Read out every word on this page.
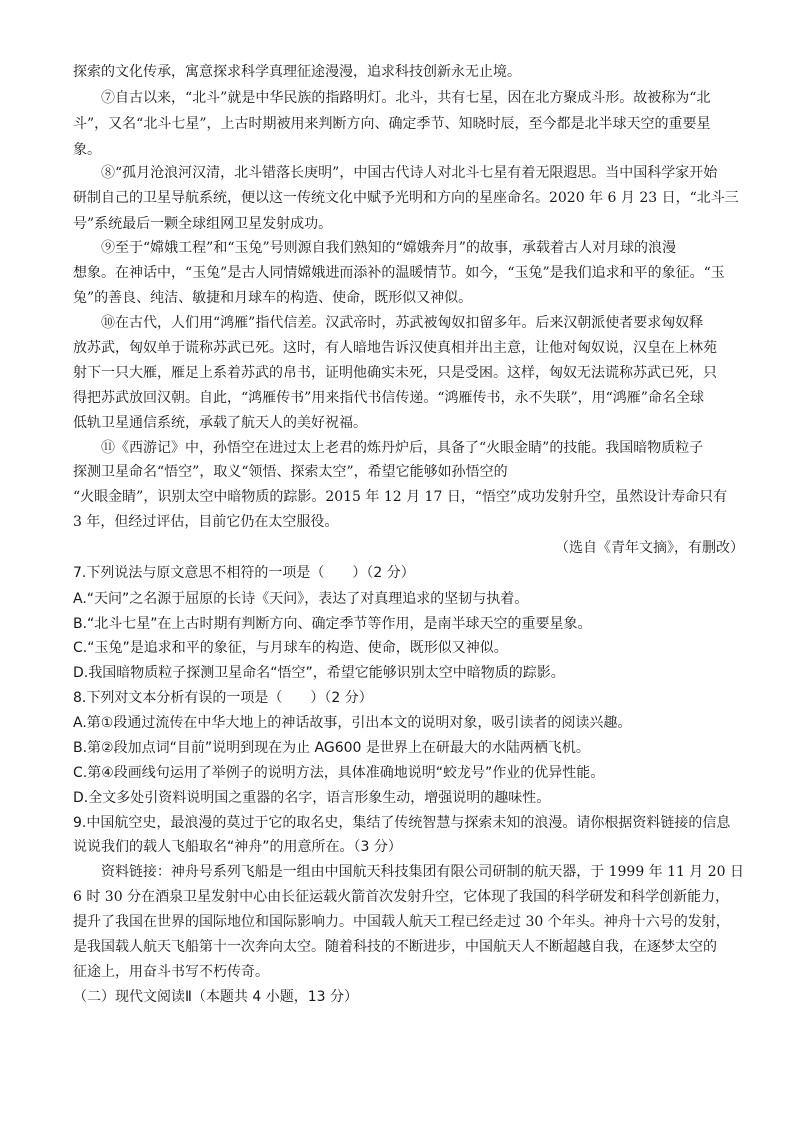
探索的文化传承，寓意探求科学真理征途漫漫，追求科技创新永无止境。
⑦自古以来，“北斗”就是中华民族的指路明灯。北斗，共有七星，因在北方聚成斗形。故被称为“北
斗”，又名“北斗七星”，上古时期被用来判断方向、确定季节、知晓时辰，至今都是北半球天空的重要星
象。
⑧“孤月沧浪河汉清，北斗错落长庚明”，中国古代诗人对北斗七星有着无限遐思。当中国科学家开始
研制自己的卫星导航系统，便以这一传统文化中赋予光明和方向的星座命名。2020 年 6 月 23 日，“北斗三
号”系统最后一颗全球组网卫星发射成功。
⑨至于“嫦娥工程”和“玉兔”号则源自我们熟知的“嫦娥奔月”的故事，承载着古人对月球的浪漫
想象。在神话中，“玉兔”是古人同情嫦娥进而添补的温暖情节。如今，“玉兔”是我们追求和平的象征。“玉
兔”的善良、纯洁、敏捷和月球车的构造、使命，既形似又神似。
⑩在古代，人们用“鸿雁”指代信差。汉武帝时，苏武被匈奴扣留多年。后来汉朝派使者要求匈奴释
放苏武，匈奴单于谎称苏武已死。这时，有人暗地告诉汉使真相并出主意，让他对匈奴说，汉皇在上林苑
射下一只大雁，雁足上系着苏武的帛书，证明他确实未死，只是受困。这样，匈奴无法谎称苏武已死，只
得把苏武放回汉朝。自此，“鸿雁传书”用来指代书信传递。“鸿雁传书，永不失联”，用“鸿雁”命名全球
低轨卫星通信系统，承载了航天人的美好祝福。
⑪《西游记》中，孙悟空在进过太上老君的炼丹炉后，具备了“火眼金睛”的技能。我国暗物质粒子
探测卫星命名“悟空”，取义“领悟、探索太空”，希望它能够如孙悟空的
“火眼金睛”，识别太空中暗物质的踪影。2015 年 12 月 17 日，“悟空”成功发射升空，虽然设计寿命只有
3 年，但经过评估，目前它仍在太空服役。
（选自《青年文摘》，有删改）
7.下列说法与原文意思不相符的一项是（　　）（2 分）
A.“天问”之名源于屈原的长诗《天问》，表达了对真理追求的坚韧与执着。
B.“北斗七星”在上古时期有判断方向、确定季节等作用，是南半球天空的重要星象。
C.“玉兔”是追求和平的象征，与月球车的构造、使命，既形似又神似。
D.我国暗物质粒子探测卫星命名“悟空”，希望它能够识别太空中暗物质的踪影。
8.下列对文本分析有误的一项是（　　）（2 分）
A.第①段通过流传在中华大地上的神话故事，引出本文的说明对象，吸引读者的阅读兴趣。
B.第②段加点词“目前”说明到现在为止 AG600 是世界上在研最大的水陆两栖飞机。
C.第④段画线句运用了举例子的说明方法，具体准确地说明“蛟龙号”作业的优异性能。
D.全文多处引资料说明国之重器的名字，语言形象生动，增强说明的趣味性。
9.中国航空史，最浪漫的莫过于它的取名史，集结了传统智慧与探索未知的浪漫。请你根据资料链接的信息
说说我们的载人飞船取名“神舟”的用意所在。（3 分）
资料链接：神舟号系列飞船是一组由中国航天科技集团有限公司研制的航天器，于 1999 年 11 月 20 日
6 时 30 分在酒泉卫星发射中心由长征运载火箭首次发射升空，它体现了我国的科学研发和科学创新能力，
提升了我国在世界的国际地位和国际影响力。中国载人航天工程已经走过 30 个年头。神舟十六号的发射，
是我国载人航天飞船第十一次奔向太空。随着科技的不断进步，中国航天人不断超越自我，在逐梦太空的
征途上，用奋斗书写不朽传奇。
（二）现代文阅读Ⅱ（本题共 4 小题，13 分）
